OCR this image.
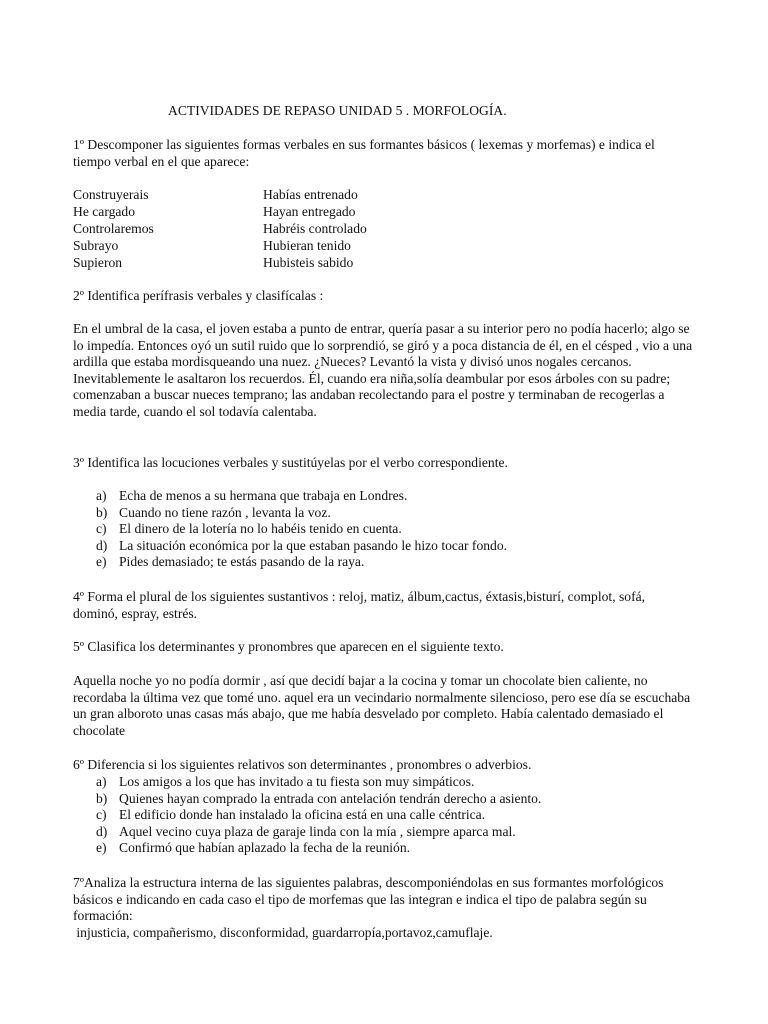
ACTIVIDADES DE REPASO UNIDAD 5 . MORFOLOGÍA.

1º Descomponer las siguientes formas verbales en sus formantes básicos ( lexemas y morfemas) e indica el tiempo verbal en el que aparece:

Construyerais	Habías entrenado
He cargado	Hayan entregado
Controlaremos	Habréis controlado
Subrayo	Hubieran tenido
Supieron	Hubisteis sabido

2º Identifica perífrasis verbales y clasifícalas :

En el umbral de la casa, el joven estaba a punto de entrar, quería pasar a su interior pero no podía hacerlo; algo se lo impedía. Entonces oyó un sutil ruido que lo sorprendió, se giró y a poca distancia de él, en el césped , vio a una ardilla que estaba mordisqueando una nuez. ¿Nueces? Levantó la vista y divisó unos nogales cercanos. Inevitablemente le asaltaron los recuerdos. Él, cuando era niña,solía deambular por esos árboles con su padre; comenzaban a buscar nueces temprano; las andaban recolectando para el postre y terminaban de recogerlas a media tarde, cuando el sol todavía calentaba.

3º Identifica las locuciones verbales y sustitúyelas por el verbo correspondiente.

a) Echa de menos a su hermana que trabaja en Londres.
b) Cuando no tiene razón , levanta la voz.
c) El dinero de la lotería no lo habéis tenido en cuenta.
d) La situación económica por la que estaban pasando le hizo tocar fondo.
e) Pides demasiado; te estás pasando de la raya.

4º Forma el plural de los siguientes sustantivos : reloj, matiz, álbum,cactus, éxtasis,bisturí, complot, sofá, dominó, espray, estrés.

5º Clasifica los determinantes y pronombres que aparecen en el siguiente texto.

Aquella noche yo no podía dormir , así que decidí bajar a la cocina y tomar un chocolate bien caliente, no recordaba la última vez que tomé uno. aquel era un vecindario normalmente silencioso, pero ese día se escuchaba un gran alboroto unas casas más abajo, que me había desvelado por completo. Había calentado demasiado el chocolate

6º Diferencia si los siguientes relativos son determinantes , pronombres o adverbios.

a) Los amigos a los que has invitado a tu fiesta son muy simpáticos.
b) Quienes hayan comprado la entrada con antelación tendrán derecho a asiento.
c) El edificio donde han instalado la oficina está en una calle céntrica.
d) Aquel vecino cuya plaza de garaje linda con la mía , siempre aparca mal.
e) Confirmó que habían aplazado la fecha de la reunión.

7ºAnaliza la estructura interna de las siguientes palabras, descomponiéndolas en sus formantes morfológicos básicos e indicando en cada caso el tipo de morfemas que las integran e indica el tipo de palabra según su formación:

injusticia, compañerismo, disconformidad, guardarropía,portavoz,camuflaje.
